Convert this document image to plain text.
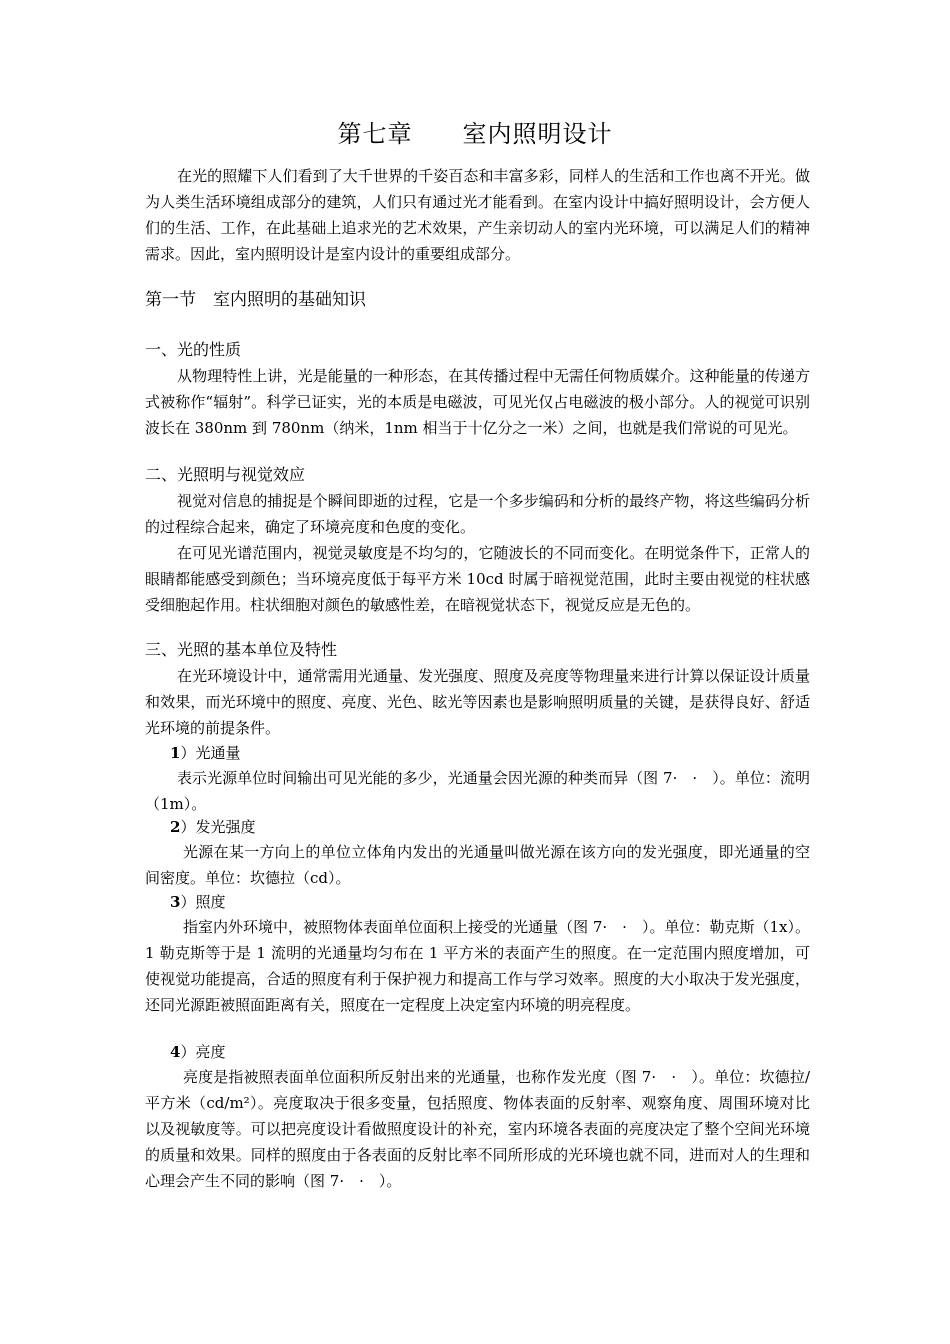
第七章　　室内照明设计
在光的照耀下人们看到了大千世界的千姿百态和丰富多彩，同样人的生活和工作也离不开光。做为人类生活环境组成部分的建筑，人们只有通过光才能看到。在室内设计中搞好照明设计，会方便人们的生活、工作，在此基础上追求光的艺术效果，产生亲切动人的室内光环境，可以满足人们的精神需求。因此，室内照明设计是室内设计的重要组成部分。
第一节　室内照明的基础知识
一、光的性质
从物理特性上讲，光是能量的一种形态，在其传播过程中无需任何物质媒介。这种能量的传递方式被称作“辐射”。科学已证实，光的本质是电磁波，可见光仅占电磁波的极小部分。人的视觉可识别波长在 380nm 到 780nm（纳米，1nm 相当于十亿分之一米）之间，也就是我们常说的可见光。
二、光照明与视觉效应
视觉对信息的捕捉是个瞬间即逝的过程，它是一个多步编码和分析的最终产物，将这些编码分析的过程综合起来，确定了环境亮度和色度的变化。
在可见光谱范围内，视觉灵敏度是不均匀的，它随波长的不同而变化。在明觉条件下，正常人的眼睛都能感受到颜色；当环境亮度低于每平方米 10cd 时属于暗视觉范围，此时主要由视觉的柱状感受细胞起作用。柱状细胞对颜色的敏感性差，在暗视觉状态下，视觉反应是无色的。
三、光照的基本单位及特性
在光环境设计中，通常需用光通量、发光强度、照度及亮度等物理量来进行计算以保证设计质量和效果，而光环境中的照度、亮度、光色、眩光等因素也是影响照明质量的关键，是获得良好、舒适光环境的前提条件。
1）光通量
表示光源单位时间输出可见光能的多少，光通量会因光源的种类而异（图 7·　·　）。单位：流明（1m）。
2）发光强度
光源在某一方向上的单位立体角内发出的光通量叫做光源在该方向的发光强度，即光通量的空间密度。单位：坎德拉（cd）。
3）照度
指室内外环境中，被照物体表面单位面积上接受的光通量（图 7·　·　）。单位：勒克斯（1x）。1 勒克斯等于是 1 流明的光通量均匀布在 1 平方米的表面产生的照度。在一定范围内照度增加，可使视觉功能提高，合适的照度有利于保护视力和提高工作与学习效率。照度的大小取决于发光强度，还同光源距被照面距离有关，照度在一定程度上决定室内环境的明亮程度。
4）亮度
亮度是指被照表面单位面积所反射出来的光通量，也称作发光度（图 7·　·　）。单位：坎德拉/平方米（cd/m²）。亮度取决于很多变量，包括照度、物体表面的反射率、观察角度、周围环境对比以及视敏度等。可以把亮度设计看做照度设计的补充，室内环境各表面的亮度决定了整个空间光环境的质量和效果。同样的照度由于各表面的反射比率不同所形成的光环境也就不同，进而对人的生理和心理会产生不同的影响（图 7·　·　）。
